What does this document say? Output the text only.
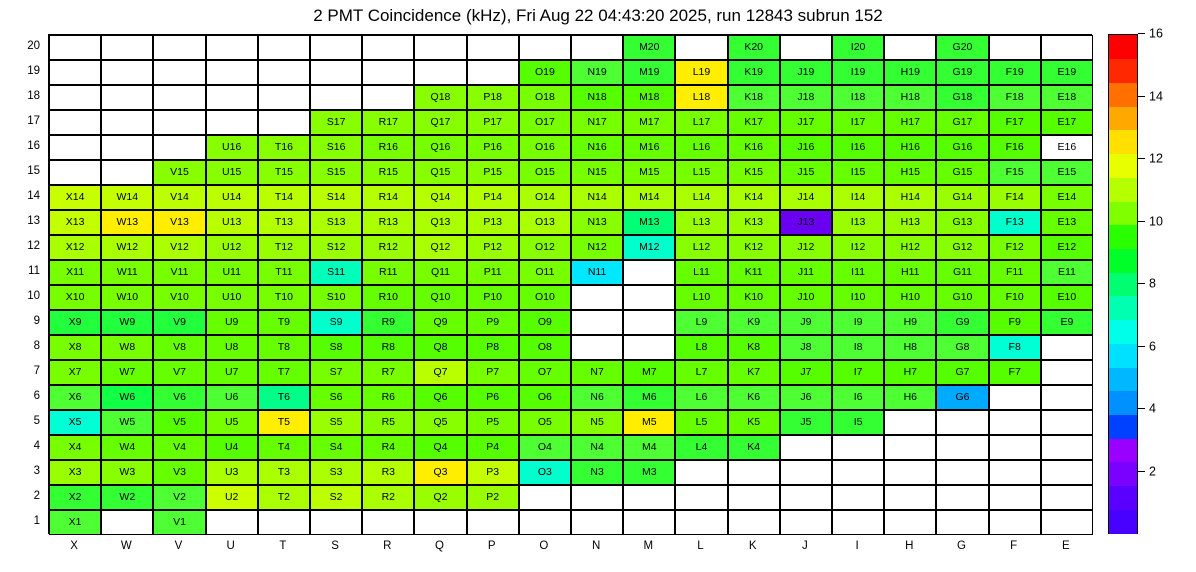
2 PMT Coincidence (kHz), Fri Aug 22 04:43:20 2025, run 12843 subrun 152
X1	V1
X2	W2	V2	U2	T2	S2	R2	Q2	P2
X3	W3	V3	U3	T3	S3	R3	Q3	P3	O3	N3	M3
X4	W4	V4	U4	T4	S4	R4	Q4	P4	O4	N4	M4	L4	K4
X5	W5	V5	U5	T5	S5	R5	Q5	P5	O5	N5	M5	L5	K5	J5	I5
X6	W6	V6	U6	T6	S6	R6	Q6	P6	O6	N6	M6	L6	K6	J6	I6	H6	G6
X7	W7	V7	U7	T7	S7	R7	Q7	P7	O7	N7	M7	L7	K7	J7	I7	H7	G7	F7
X8	W8	V8	U8	T8	S8	R8	Q8	P8	O8	L8	K8	J8	I8	H8	G8	F8
X9	W9	V9	U9	T9	S9	R9	Q9	P9	O9	L9	K9	J9	I9	H9	G9	F9	E9
X10	W10	V10	U10	T10	S10	R10	Q10	P10	O10	L10	K10	J10	I10	H10	G10	F10	E10
X11	W11	V11	U11	T11	S11	R11	Q11	P11	O11	N11	L11	K11	J11	I11	H11	G11	F11	E11
X12	W12	V12	U12	T12	S12	R12	Q12	P12	O12	N12	M12	L12	K12	J12	I12	H12	G12	F12	E12
X13	W13	V13	U13	T13	S13	R13	Q13	P13	O13	N13	M13	L13	K13	J13	I13	H13	G13	F13	E13
X14	W14	V14	U14	T14	S14	R14	Q14	P14	O14	N14	M14	L14	K14	J14	I14	H14	G14	F14	E14
V15	U15	T15	S15	R15	Q15	P15	O15	N15	M15	L15	K15	J15	I15	H15	G15	F15	E15
U16	T16	S16	R16	Q16	P16	O16	N16	M16	L16	K16	J16	I16	H16	G16	F16	E16
S17	R17	Q17	P17	O17	N17	M17	L17	K17	J17	I17	H17	G17	F17	E17
Q18	P18	O18	N18	M18	L18	K18	J18	I18	H18	G18	F18	E18
O19	N19	M19	L19	K19	J19	I19	H19	G19	F19	E19
M20	K20	I20	G20
1
2
3
4
5
6
7
8
9
10
11
12
13
14
15
16
17
18
19
20
X	W	V	U	T	S	R	Q	P	O	N	M	L	K	J	I	H	G	F	E
2
4
6
8
10
12
14
16
